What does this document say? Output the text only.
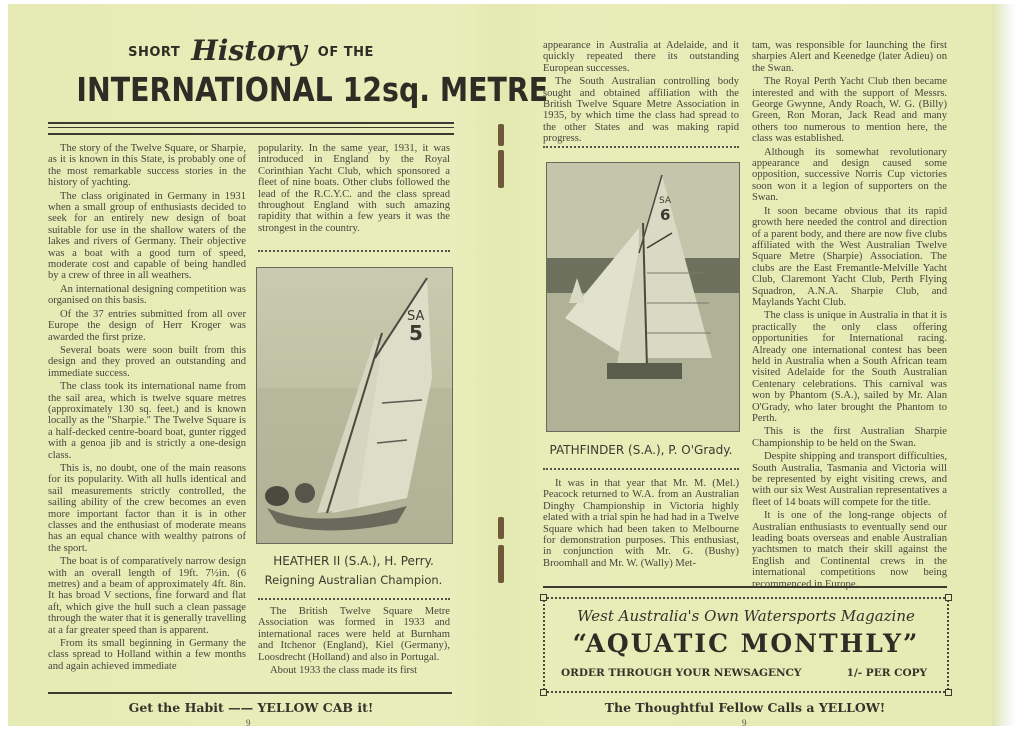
SHORT History OF THE
INTERNATIONAL 12sq. METRE

The story of the Twelve Square, or Sharpie, as it is known in this State, is probably one of the most remarkable success stories in the history of yachting.

The class originated in Germany in 1931 when a small group of enthusiasts decided to seek for an entirely new design of boat suitable for use in the shallow waters of the lakes and rivers of Germany. Their objective was a boat with a good turn of speed, moderate cost and capable of being handled by a crew of three in all weathers.

An international designing competition was organised on this basis.

Of the 37 entries submitted from all over Europe the design of Herr Kroger was awarded the first prize.

Several boats were soon built from this design and they proved an outstanding and immediate success.

The class took its international name from the sail area, which is twelve square metres (approximately 130 sq. feet.) and is known locally as the "Sharpie." The Twelve Square is a half-decked centre-board boat, gunter rigged with a genoa jib and is strictly a one-design class.

This is, no doubt, one of the main reasons for its popularity. With all hulls identical and sail measurements strictly controlled, the sailing ability of the crew becomes an even more important factor than it is in other classes and the enthusiast of moderate means has an equal chance with wealthy patrons of the sport.

The boat is of comparatively narrow design with an overall length of 19ft. 7½in. (6 metres) and a beam of approximately 4ft. 8in. It has broad V sections, fine forward and flat aft, which give the hull such a clean passage through the water that it is generally travelling at a far greater speed than is apparent.

From its small beginning in Germany the class spread to Holland within a few months and again achieved immediate

popularity. In the same year, 1931, it was introduced in England by the Royal Corinthian Yacht Club, which sponsored a fleet of nine boats. Other clubs followed the lead of the R.C.Y.C. and the class spread throughout England with such amazing rapidity that within a few years it was the strongest in the country.

SA
5
HEATHER II (S.A.), H. Perry.
Reigning Australian Champion.

The British Twelve Square Metre Association was formed in 1933 and international races were held at Burnham and Itchenor (England), Kiel (Germany), Loosdrecht (Holland) and also in Portugal.

About 1933 the class made its first

Get the Habit —— YELLOW CAB it!
9

appearance in Australia at Adelaide, and it quickly repeated there its outstanding European successes.

The South Australian controlling body sought and obtained affiliation with the British Twelve Square Metre Association in 1935, by which time the class had spread to the other States and was making rapid progress.

SA
6
PATHFINDER (S.A.), P. O'Grady.

It was in that year that Mr. M. (Mel.) Peacock returned to W.A. from an Australian Dinghy Championship in Victoria highly elated with a trial spin he had had in a Twelve Square which had been taken to Melbourne for demonstration purposes. This enthusiast, in conjunction with Mr. G. (Bushy) Broomhall and Mr. W. (Wally) Met-

tam, was responsible for launching the first sharpies Alert and Keenedge (later Adieu) on the Swan.

The Royal Perth Yacht Club then became interested and with the support of Messrs. George Gwynne, Andy Roach, W. G. (Billy) Green, Ron Moran, Jack Read and many others too numerous to mention here, the class was established.

Although its somewhat revolutionary appearance and design caused some opposition, successive Norris Cup victories soon won it a legion of supporters on the Swan.

It soon became obvious that its rapid growth here needed the control and direction of a parent body, and there are now five clubs affiliated with the West Australian Twelve Square Metre (Sharpie) Association. The clubs are the East Fremantle-Melville Yacht Club, Claremont Yacht Club, Perth Flying Squadron, A.N.A. Sharpie Club, and Maylands Yacht Club.

The class is unique in Australia in that it is practically the only class offering opportunities for International racing. Already one international contest has been held in Australia when a South African team visited Adelaide for the South Australian Centenary celebrations. This carnival was won by Phantom (S.A.), sailed by Mr. Alan O'Grady, who later brought the Phantom to Perth.

This is the first Australian Sharpie Championship to be held on the Swan.

Despite shipping and transport difficulties, South Australia, Tasmania and Victoria will be represented by eight visiting crews, and with our six West Australian representatives a fleet of 14 boats will compete for the title.

It is one of the long-range objects of Australian enthusiasts to eventually send our leading boats overseas and enable Australian yachtsmen to match their skill against the English and Continental crews in the international competitions now being recommenced in Europe.

West Australia's Own Watersports Magazine
“AQUATIC MONTHLY”
ORDER THROUGH YOUR NEWSAGENCY	1/- PER COPY
The Thoughtful Fellow Calls a YELLOW!
9
